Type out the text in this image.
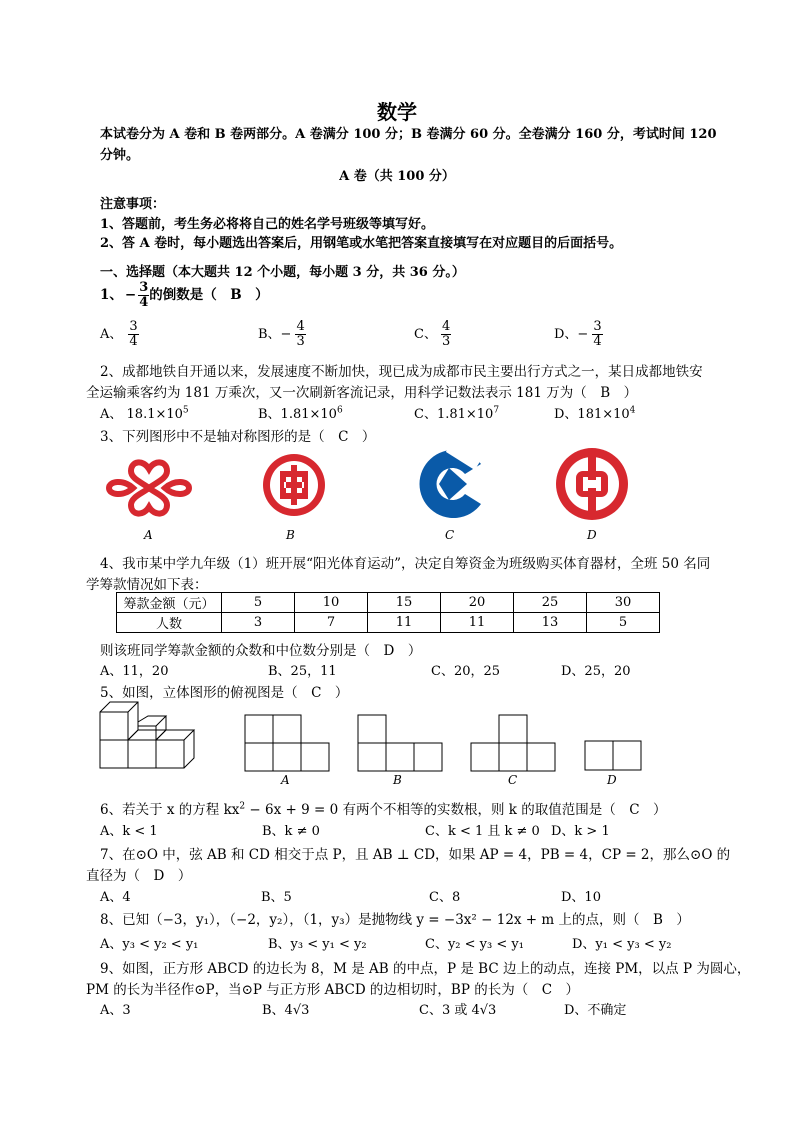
数学
本试卷分为 A 卷和 B 卷两部分。A 卷满分 100 分；B 卷满分 60 分。全卷满分 160 分，考试时间 120 分钟。
A 卷（共 100 分）
注意事项：
1、答题前，考生务必将将自己的姓名学号班级等填写好。
2、答 A 卷时，每小题选出答案后，用钢笔或水笔把答案直接填写在对应题目的后面括号。
一、选择题（本大题共 12 个小题，每小题 3 分，共 36 分。）
1、 − $\frac{3}{4}$ 的倒数是（　B　）
A、 $\frac{3}{4}$	B、− $\frac{4}{3}$	C、 $\frac{4}{3}$	D、− $\frac{3}{4}$
2、成都地铁自开通以来，发展速度不断加快，现已成为成都市民主要出行方式之一，某日成都地铁安
全运输乘客约为 181 万乘次，又一次刷新客流记录，用科学记数法表示 181 万为（　B　）
A、 $18.1\times 10^5$	B、$1.81\times 10^6$	C、$1.81\times 10^7$	D、$181\times 10^4$
3、下列图形中不是轴对称图形的是（　C　）
A	B	C	D
4、我市某中学九年级（1）班开展“阳光体育运动”，决定自筹资金为班级购买体育器材，全班 50 名同
学筹款情况如下表：
筹款金额（元）	5	10	15	20	25	30
人数	3	7	11	11	13	5
则该班同学筹款金额的众数和中位数分别是（　D　）
A、11，20	B、25，11	C、20，25	D、25，20
5、如图，立体图形的俯视图是（　C　）
A	B	C	D
6、若关于 x 的方程 $kx^2 - 6x + 9 = 0$ 有两个不相等的实数根，则 k 的取值范围是（　C　）
A、k < 1	B、k ≠ 0	C、k < 1 且 k ≠ 0 D、k > 1
7、在⊙O 中，弦 AB 和 CD 相交于点 P，且 AB ⊥ CD，如果 AP = 4，PB = 4，CP = 2，那么⊙O 的
直径为（　D　）
A、4	B、5	C、8	D、10
8、已知（−3，y₁），（−2，y₂），（1，y₃）是抛物线 y = −3x² − 12x + m 上的点，则（　B　）
A、y₃ < y₂ < y₁	B、y₃ < y₁ < y₂	C、y₂ < y₃ < y₁	D、y₁ < y₃ < y₂
9、如图，正方形 ABCD 的边长为 8，M 是 AB 的中点，P 是 BC 边上的动点，连接 PM，以点 P 为圆心，
PM 的长为半径作⊙P，当⊙P 与正方形 ABCD 的边相切时，BP 的长为（　C　）
A、3	B、4√3	C、3 或 4√3	D、不确定
